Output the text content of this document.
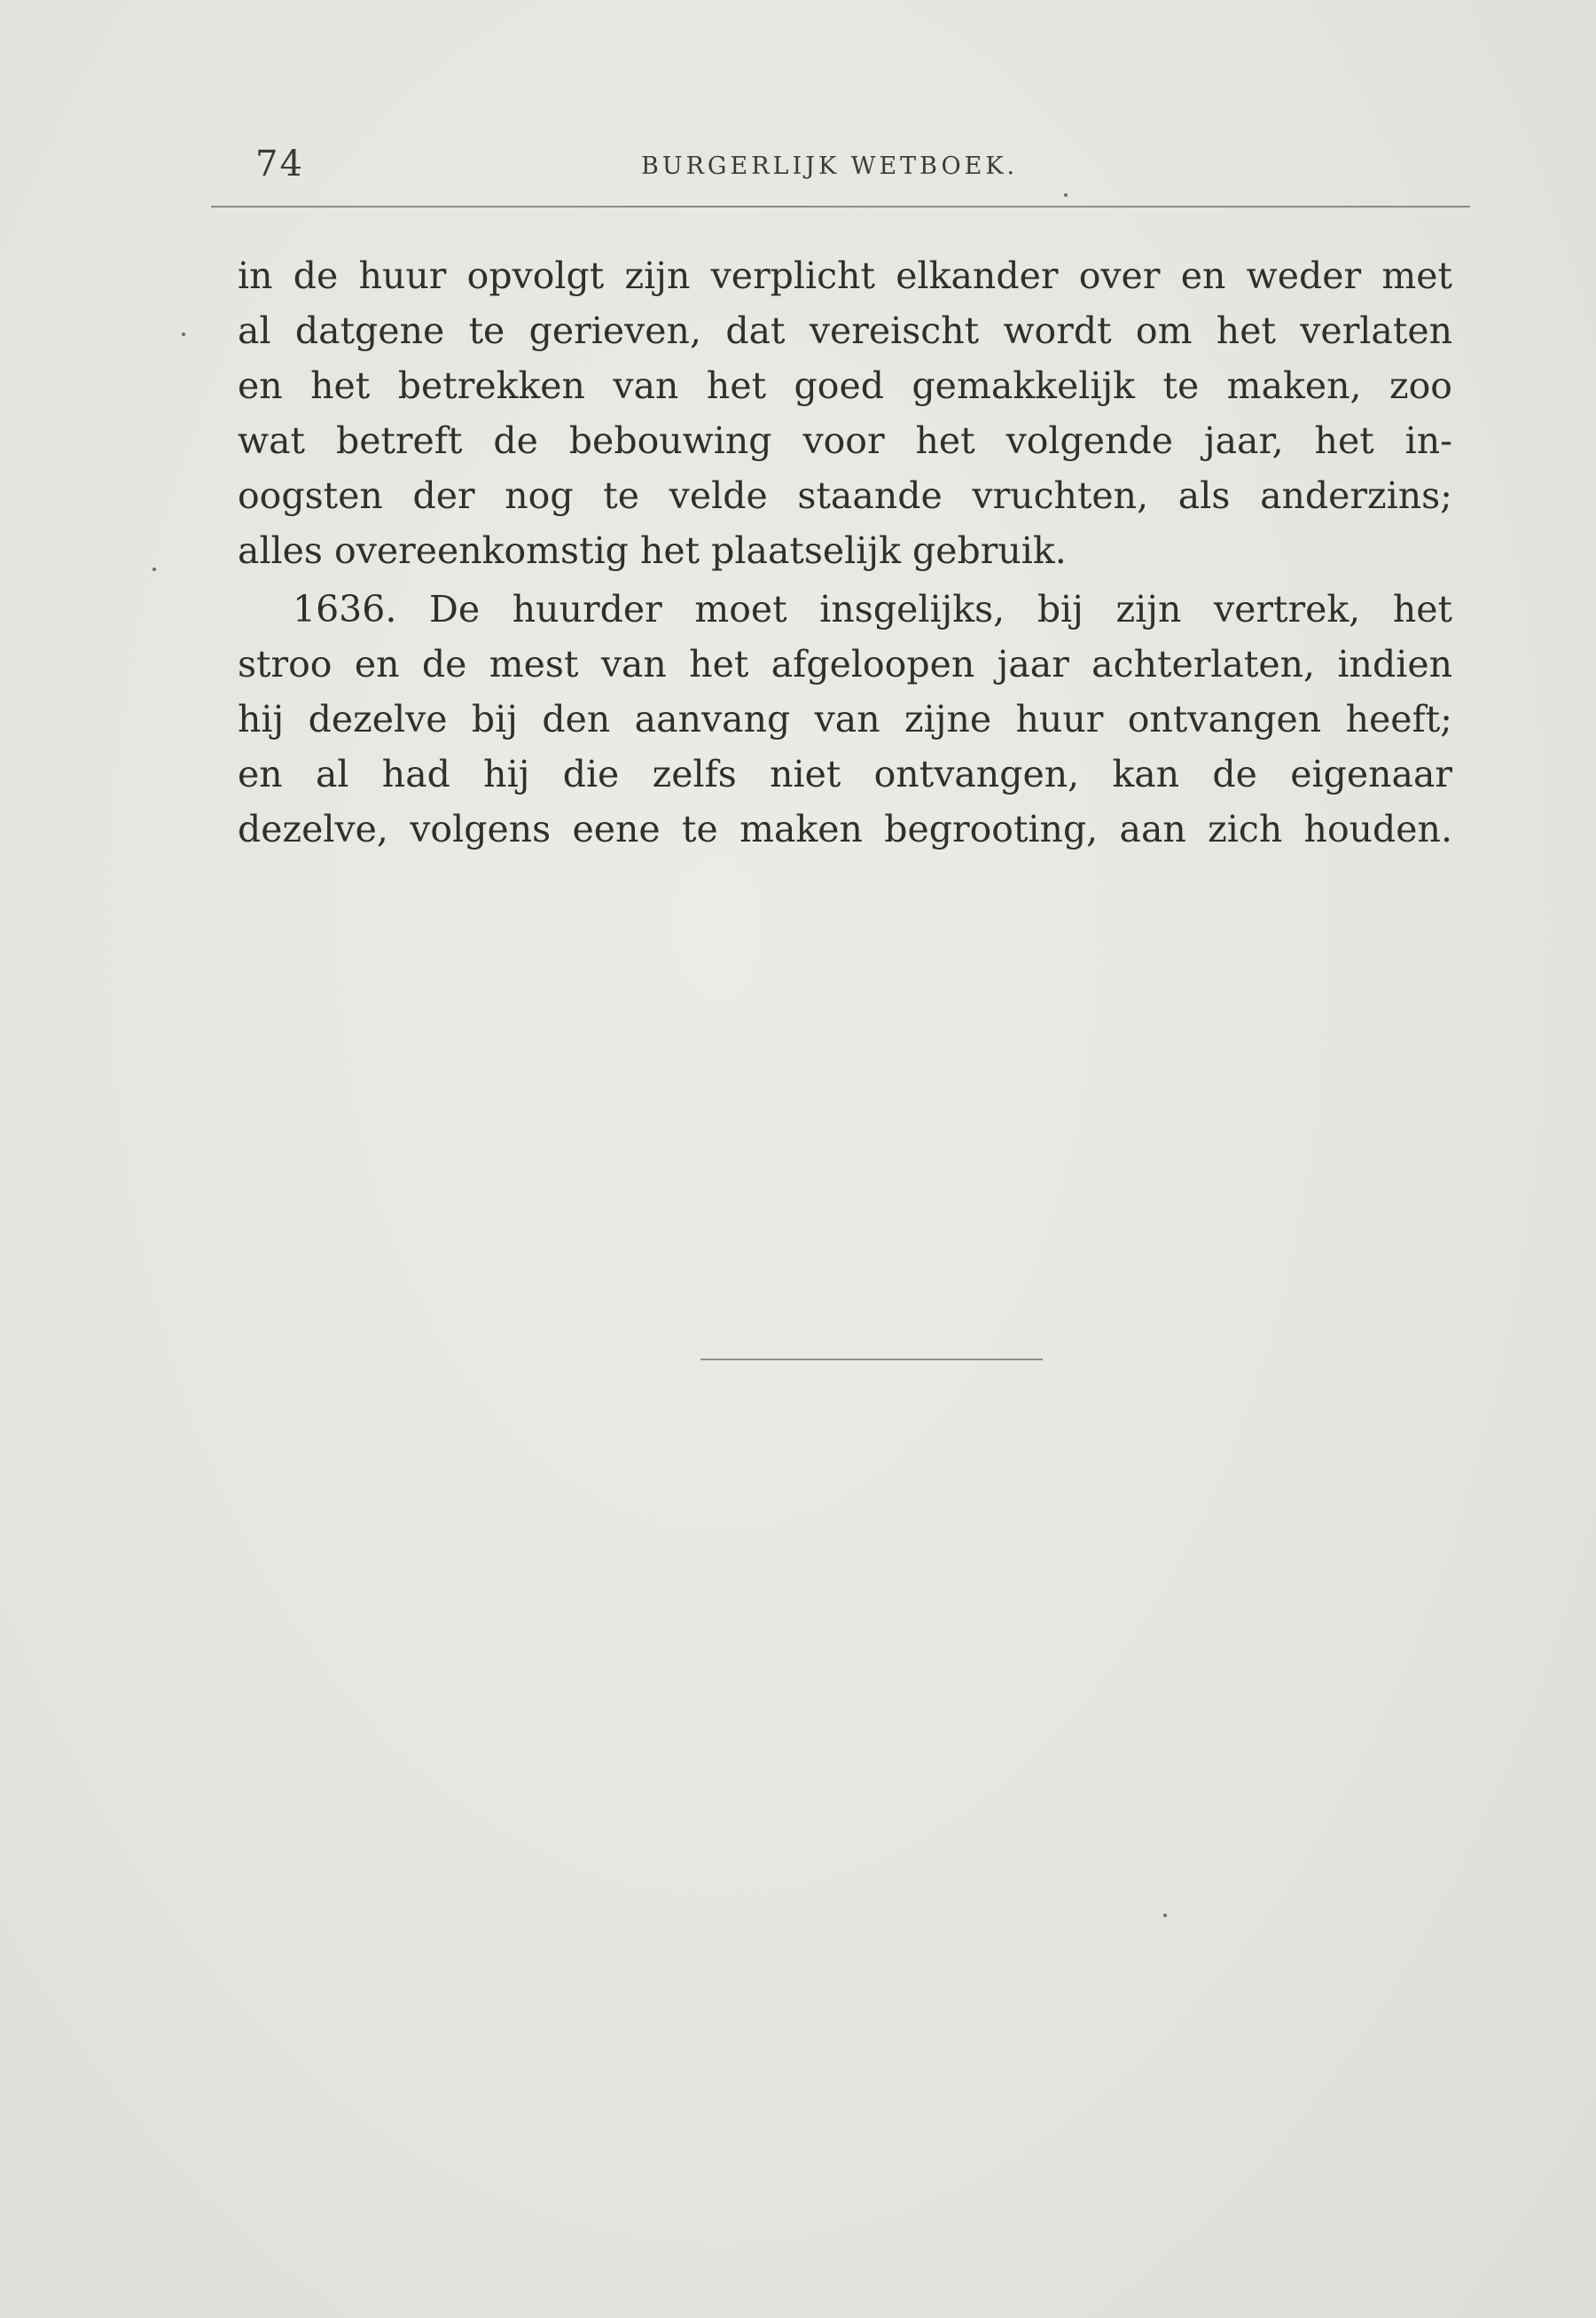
74	BURGERLIJK WETBOEK.
in de huur opvolgt zijn verplicht elkander over en weder met
al datgene te gerieven, dat vereischt wordt om het verlaten
en het betrekken van het goed gemakkelijk te maken, zoo
wat betreft de bebouwing voor het volgende jaar, het in-
oogsten der nog te velde staande vruchten, als anderzins;
alles overeenkomstig het plaatselijk gebruik.
1636. De huurder moet insgelijks, bij zijn vertrek, het
stroo en de mest van het afgeloopen jaar achterlaten, indien
hij dezelve bij den aanvang van zijne huur ontvangen heeft;
en al had hij die zelfs niet ontvangen, kan de eigenaar
dezelve, volgens eene te maken begrooting, aan zich houden.
